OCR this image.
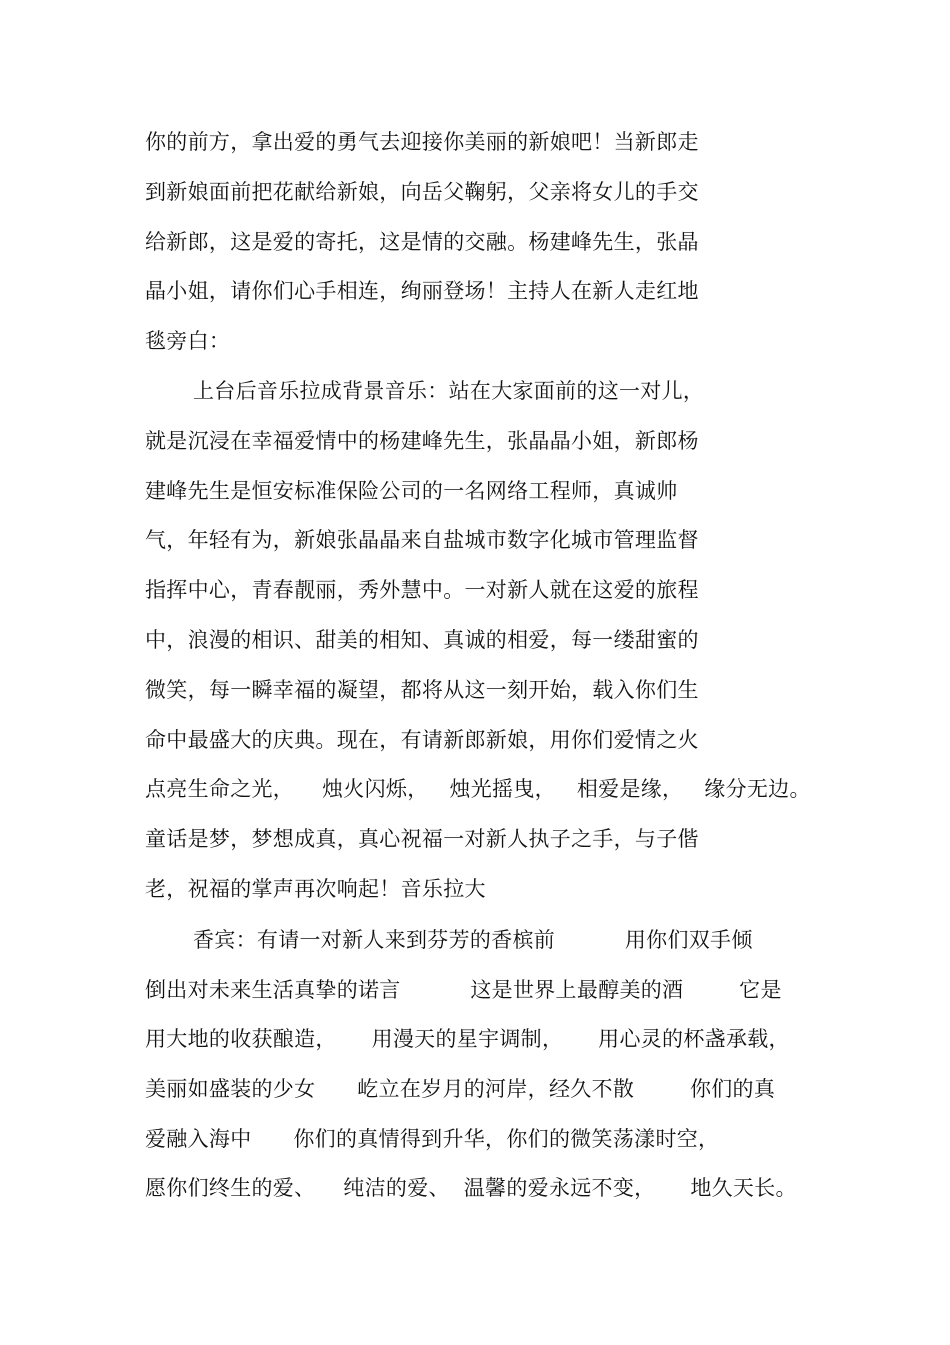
你的前方，拿出爱的勇气去迎接你美丽的新娘吧！当新郎走
到新娘面前把花献给新娘，向岳父鞠躬，父亲将女儿的手交
给新郎，这是爱的寄托，这是情的交融。杨建峰先生，张晶
晶小姐，请你们心手相连，绚丽登场！主持人在新人走红地
毯旁白：
上台后音乐拉成背景音乐：站在大家面前的这一对儿，
就是沉浸在幸福爱情中的杨建峰先生，张晶晶小姐，新郎杨
建峰先生是恒安标准保险公司的一名网络工程师，真诚帅
气，年轻有为，新娘张晶晶来自盐城市数字化城市管理监督
指挥中心，青春靓丽，秀外慧中。一对新人就在这爱的旅程
中，浪漫的相识、甜美的相知、真诚的相爱，每一缕甜蜜的
微笑，每一瞬幸福的凝望，都将从这一刻开始，载入你们生
命中最盛大的庆典。现在，有请新郎新娘，用你们爱情之火
点亮生命之光，    烛火闪烁，   烛光摇曳，   相爱是缘，   缘分无边。
童话是梦，梦想成真，真心祝福一对新人执子之手，与子偕
老，祝福的掌声再次响起！音乐拉大
香宾：有请一对新人来到芬芳的香槟前          用你们双手倾
倒出对未来生活真挚的诺言          这是世界上最醇美的酒        它是
用大地的收获酿造，     用漫天的星宇调制，     用心灵的杯盏承载，
美丽如盛装的少女      屹立在岁月的河岸，经久不散        你们的真
爱融入海中      你们的真情得到升华，你们的微笑荡漾时空，
愿你们终生的爱、    纯洁的爱、  温馨的爱永远不变，     地久天长。
